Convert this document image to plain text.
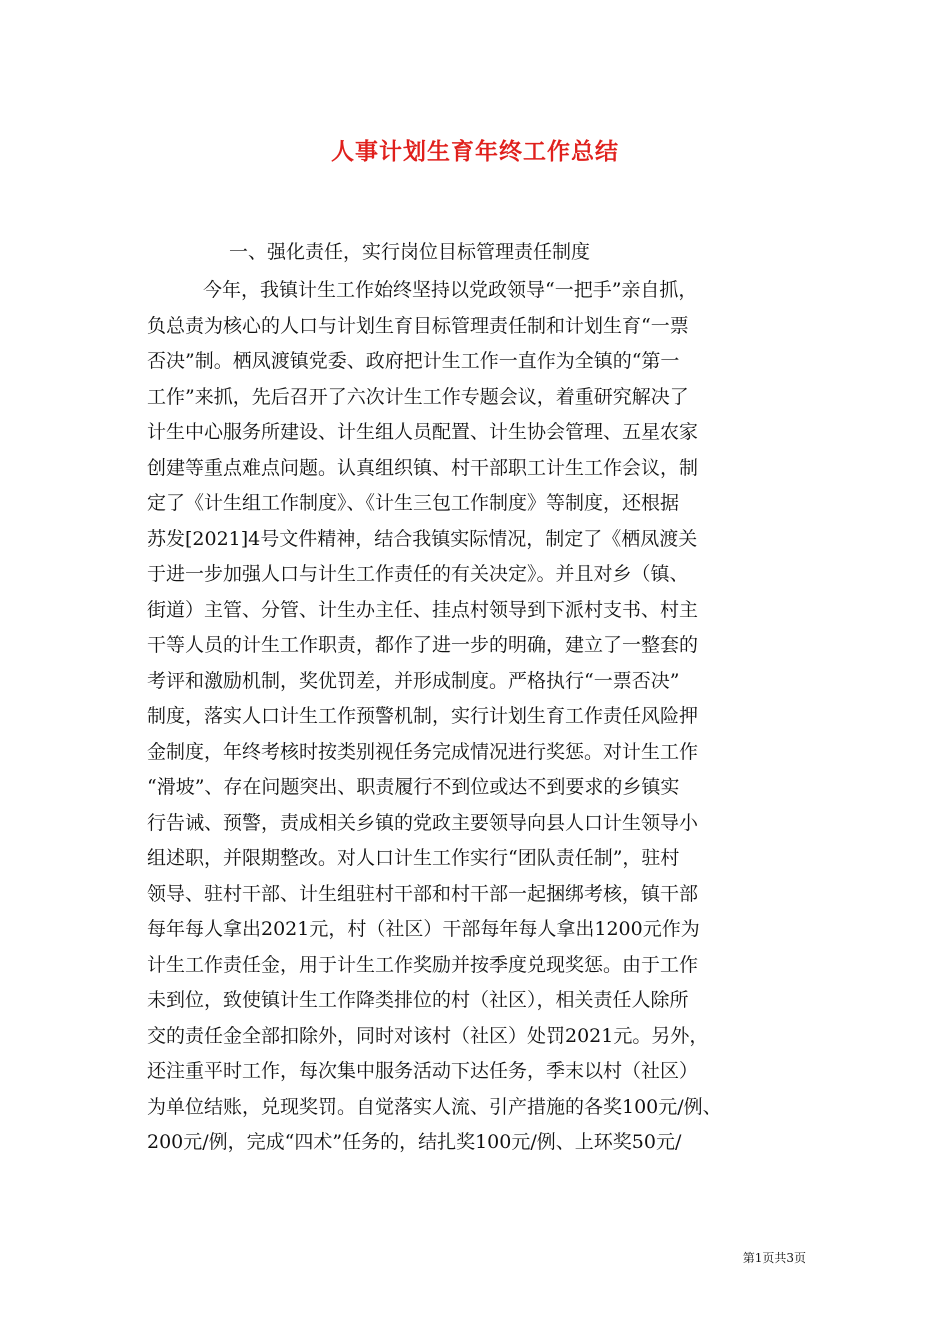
人事计划生育年终工作总结

一、强化责任，实行岗位目标管理责任制度

今年，我镇计生工作始终坚持以党政领导“一把手”亲自抓，
负总责为核心的人口与计划生育目标管理责任制和计划生育“一票
否决”制。栖凤渡镇党委、政府把计生工作一直作为全镇的“第一
工作”来抓，先后召开了六次计生工作专题会议，着重研究解决了
计生中心服务所建设、计生组人员配置、计生协会管理、五星农家
创建等重点难点问题。认真组织镇、村干部职工计生工作会议，制
定了《计生组工作制度》、《计生三包工作制度》等制度，还根据
苏发[2021]4号文件精神，结合我镇实际情况，制定了《栖凤渡关
于进一步加强人口与计生工作责任的有关决定》。并且对乡（镇、
街道）主管、分管、计生办主任、挂点村领导到下派村支书、村主
干等人员的计生工作职责，都作了进一步的明确，建立了一整套的
考评和激励机制，奖优罚差，并形成制度。严格执行“一票否决”
制度，落实人口计生工作预警机制，实行计划生育工作责任风险押
金制度，年终考核时按类别视任务完成情况进行奖惩。对计生工作
“滑坡”、存在问题突出、职责履行不到位或达不到要求的乡镇实
行告诫、预警，责成相关乡镇的党政主要领导向县人口计生领导小
组述职，并限期整改。对人口计生工作实行“团队责任制”，驻村
领导、驻村干部、计生组驻村干部和村干部一起捆绑考核，镇干部
每年每人拿出2021元，村（社区）干部每年每人拿出1200元作为
计生工作责任金，用于计生工作奖励并按季度兑现奖惩。由于工作
未到位，致使镇计生工作降类排位的村（社区），相关责任人除所
交的责任金全部扣除外，同时对该村（社区）处罚2021元。另外，
还注重平时工作，每次集中服务活动下达任务，季末以村（社区）
为单位结账，兑现奖罚。自觉落实人流、引产措施的各奖100元/例、
200元/例，完成“四术”任务的，结扎奖100元/例、上环奖50元/
第1页共3页
